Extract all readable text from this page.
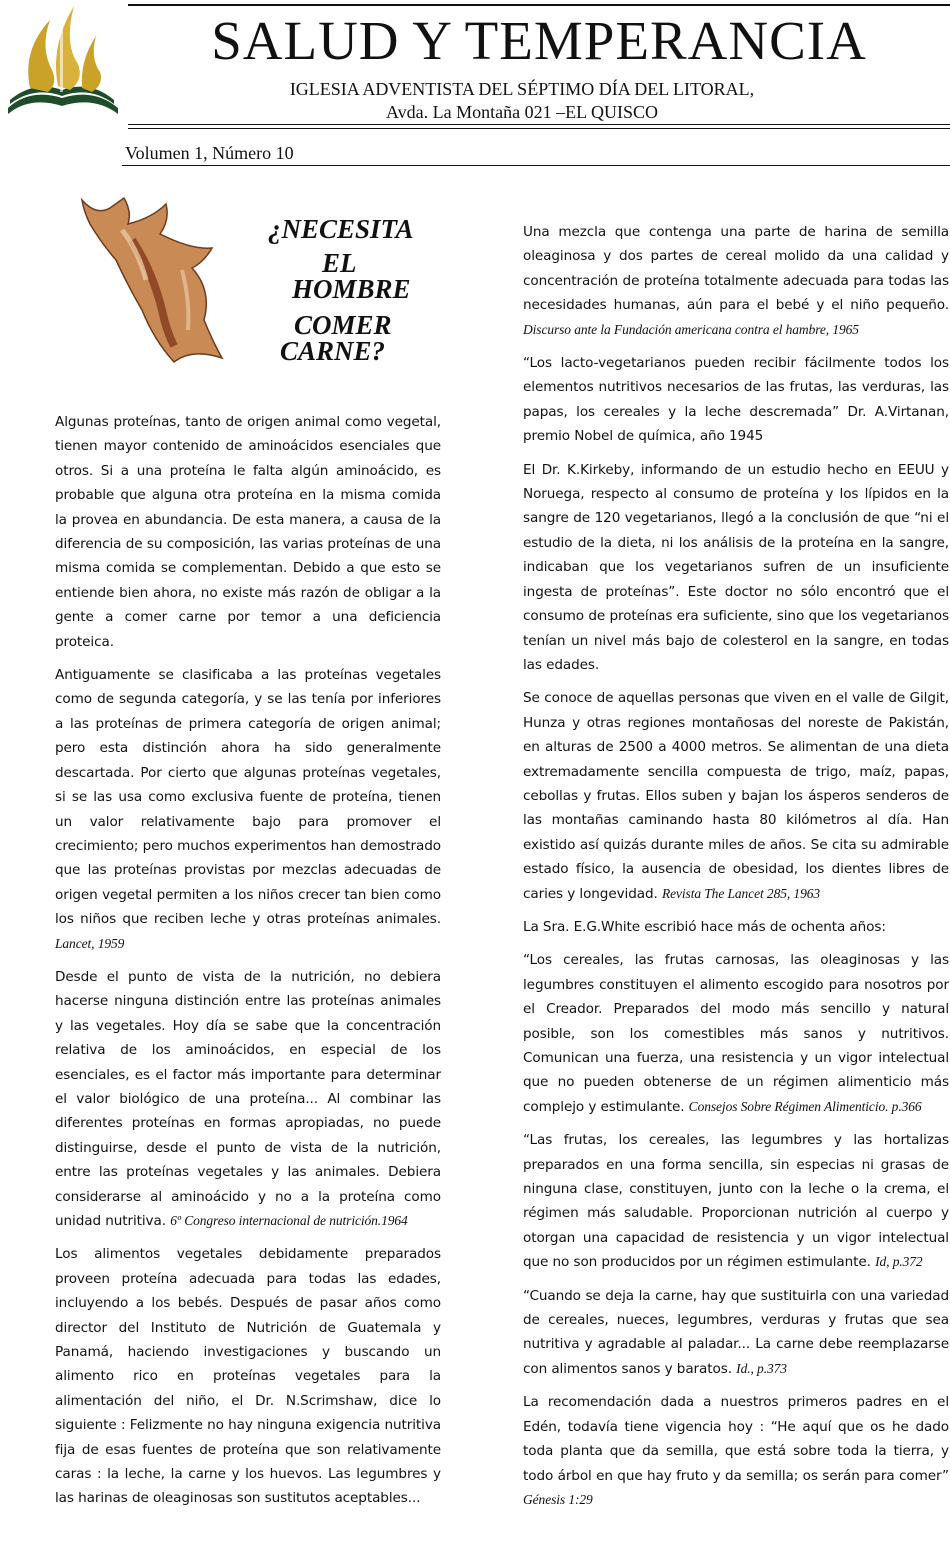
SALUD Y TEMPERANCIA
IGLESIA ADVENTISTA DEL SÉPTIMO DÍA DEL LITORAL,
Avda. La Montaña 021 –EL QUISCO
Volumen 1, Número 10
¿NECESITA
EL
HOMBRE
COMER
CARNE?

Algunas proteínas, tanto de origen animal como vegetal, tienen mayor contenido de aminoácidos esenciales que otros. Si a una proteína le falta algún aminoácido, es probable que alguna otra proteína en la misma comida la provea en abundancia. De esta manera, a causa de la diferencia de su composición, las varias proteínas de una misma comida se complementan. Debido a que esto se entiende bien ahora, no existe más razón de obligar a la gente a comer carne por temor a una deficiencia proteica.

Antiguamente se clasificaba a las proteínas vegetales como de segunda categoría, y se las tenía por inferiores a las proteínas de primera categoría de origen animal; pero esta distinción ahora ha sido generalmente descartada. Por cierto que algunas proteínas vegetales, si se las usa como exclusiva fuente de proteína, tienen un valor relativamente bajo para promover el crecimiento; pero muchos experimentos han demostrado que las proteínas provistas por mezclas adecuadas de origen vegetal permiten a los niños crecer tan bien como los niños que reciben leche y otras proteínas animales. Lancet, 1959

Desde el punto de vista de la nutrición, no debiera hacerse ninguna distinción entre las proteínas animales y las vegetales. Hoy día se sabe que la concentración relativa de los aminoácidos, en especial de los esenciales, es el factor más importante para determinar el valor biológico de una proteína... Al combinar las diferentes proteínas en formas apropiadas, no puede distinguirse, desde el punto de vista de la nutrición, entre las proteínas vegetales y las animales. Debiera considerarse al aminoácido y no a la proteína como unidad nutritiva. 6º Congreso internacional de nutrición.1964

Los alimentos vegetales debidamente preparados proveen proteína adecuada para todas las edades, incluyendo a los bebés. Después de pasar años como director del Instituto de Nutrición de Guatemala y Panamá, haciendo investigaciones y buscando un alimento rico en proteínas vegetales para la alimentación del niño, el Dr. N.Scrimshaw, dice lo siguiente : Felizmente no hay ninguna exigencia nutritiva fija de esas fuentes de proteína que son relativamente caras : la leche, la carne y los huevos. Las legumbres y las harinas de oleaginosas son sustitutos aceptables...

Una mezcla que contenga una parte de harina de semilla oleaginosa y dos partes de cereal molido da una calidad y concentración de proteína totalmente adecuada para todas las necesidades humanas, aún para el bebé y el niño pequeño. Discurso ante la Fundación americana contra el hambre, 1965

“Los lacto-vegetarianos pueden recibir fácilmente todos los elementos nutritivos necesarios de las frutas, las verduras, las papas, los cereales y la leche descremada” Dr. A.Virtanan, premio Nobel de química, año 1945

El Dr. K.Kirkeby, informando de un estudio hecho en EEUU y Noruega, respecto al consumo de proteína y los lípidos en la sangre de 120 vegetarianos, llegó a la conclusión de que “ni el estudio de la dieta, ni los análisis de la proteína en la sangre, indicaban que los vegetarianos sufren de un insuficiente ingesta de proteínas”. Este doctor no sólo encontró que el consumo de proteínas era suficiente, sino que los vegetarianos tenían un nivel más bajo de colesterol en la sangre, en todas las edades.

Se conoce de aquellas personas que viven en el valle de Gilgit, Hunza y otras regiones montañosas del noreste de Pakistán, en alturas de 2500 a 4000 metros. Se alimentan de una dieta extremadamente sencilla compuesta de trigo, maíz, papas, cebollas y frutas. Ellos suben y bajan los ásperos senderos de las montañas caminando hasta 80 kilómetros al día. Han existido así quizás durante miles de años. Se cita su admirable estado físico, la ausencia de obesidad, los dientes libres de caries y longevidad. Revista The Lancet 285, 1963

La Sra. E.G.White escribió hace más de ochenta años:

“Los cereales, las frutas carnosas, las oleaginosas y las legumbres constituyen el alimento escogido para nosotros por el Creador. Preparados del modo más sencillo y natural posible, son los comestibles más sanos y nutritivos. Comunican una fuerza, una resistencia y un vigor intelectual que no pueden obtenerse de un régimen alimenticio más complejo y estimulante. Consejos Sobre Régimen Alimenticio. p.366

“Las frutas, los cereales, las legumbres y las hortalizas preparados en una forma sencilla, sin especias ni grasas de ninguna clase, constituyen, junto con la leche o la crema, el régimen más saludable. Proporcionan nutrición al cuerpo y otorgan una capacidad de resistencia y un vigor intelectual que no son producidos por un régimen estimulante. Id, p.372

“Cuando se deja la carne, hay que sustituirla con una variedad de cereales, nueces, legumbres, verduras y frutas que sea nutritiva y agradable al paladar... La carne debe reemplazarse con alimentos sanos y baratos. Id., p.373

La recomendación dada a nuestros primeros padres en el Edén, todavía tiene vigencia hoy : “He aquí que os he dado toda planta que da semilla, que está sobre toda la tierra, y todo árbol en que hay fruto y da semilla; os serán para comer” Génesis 1:29
